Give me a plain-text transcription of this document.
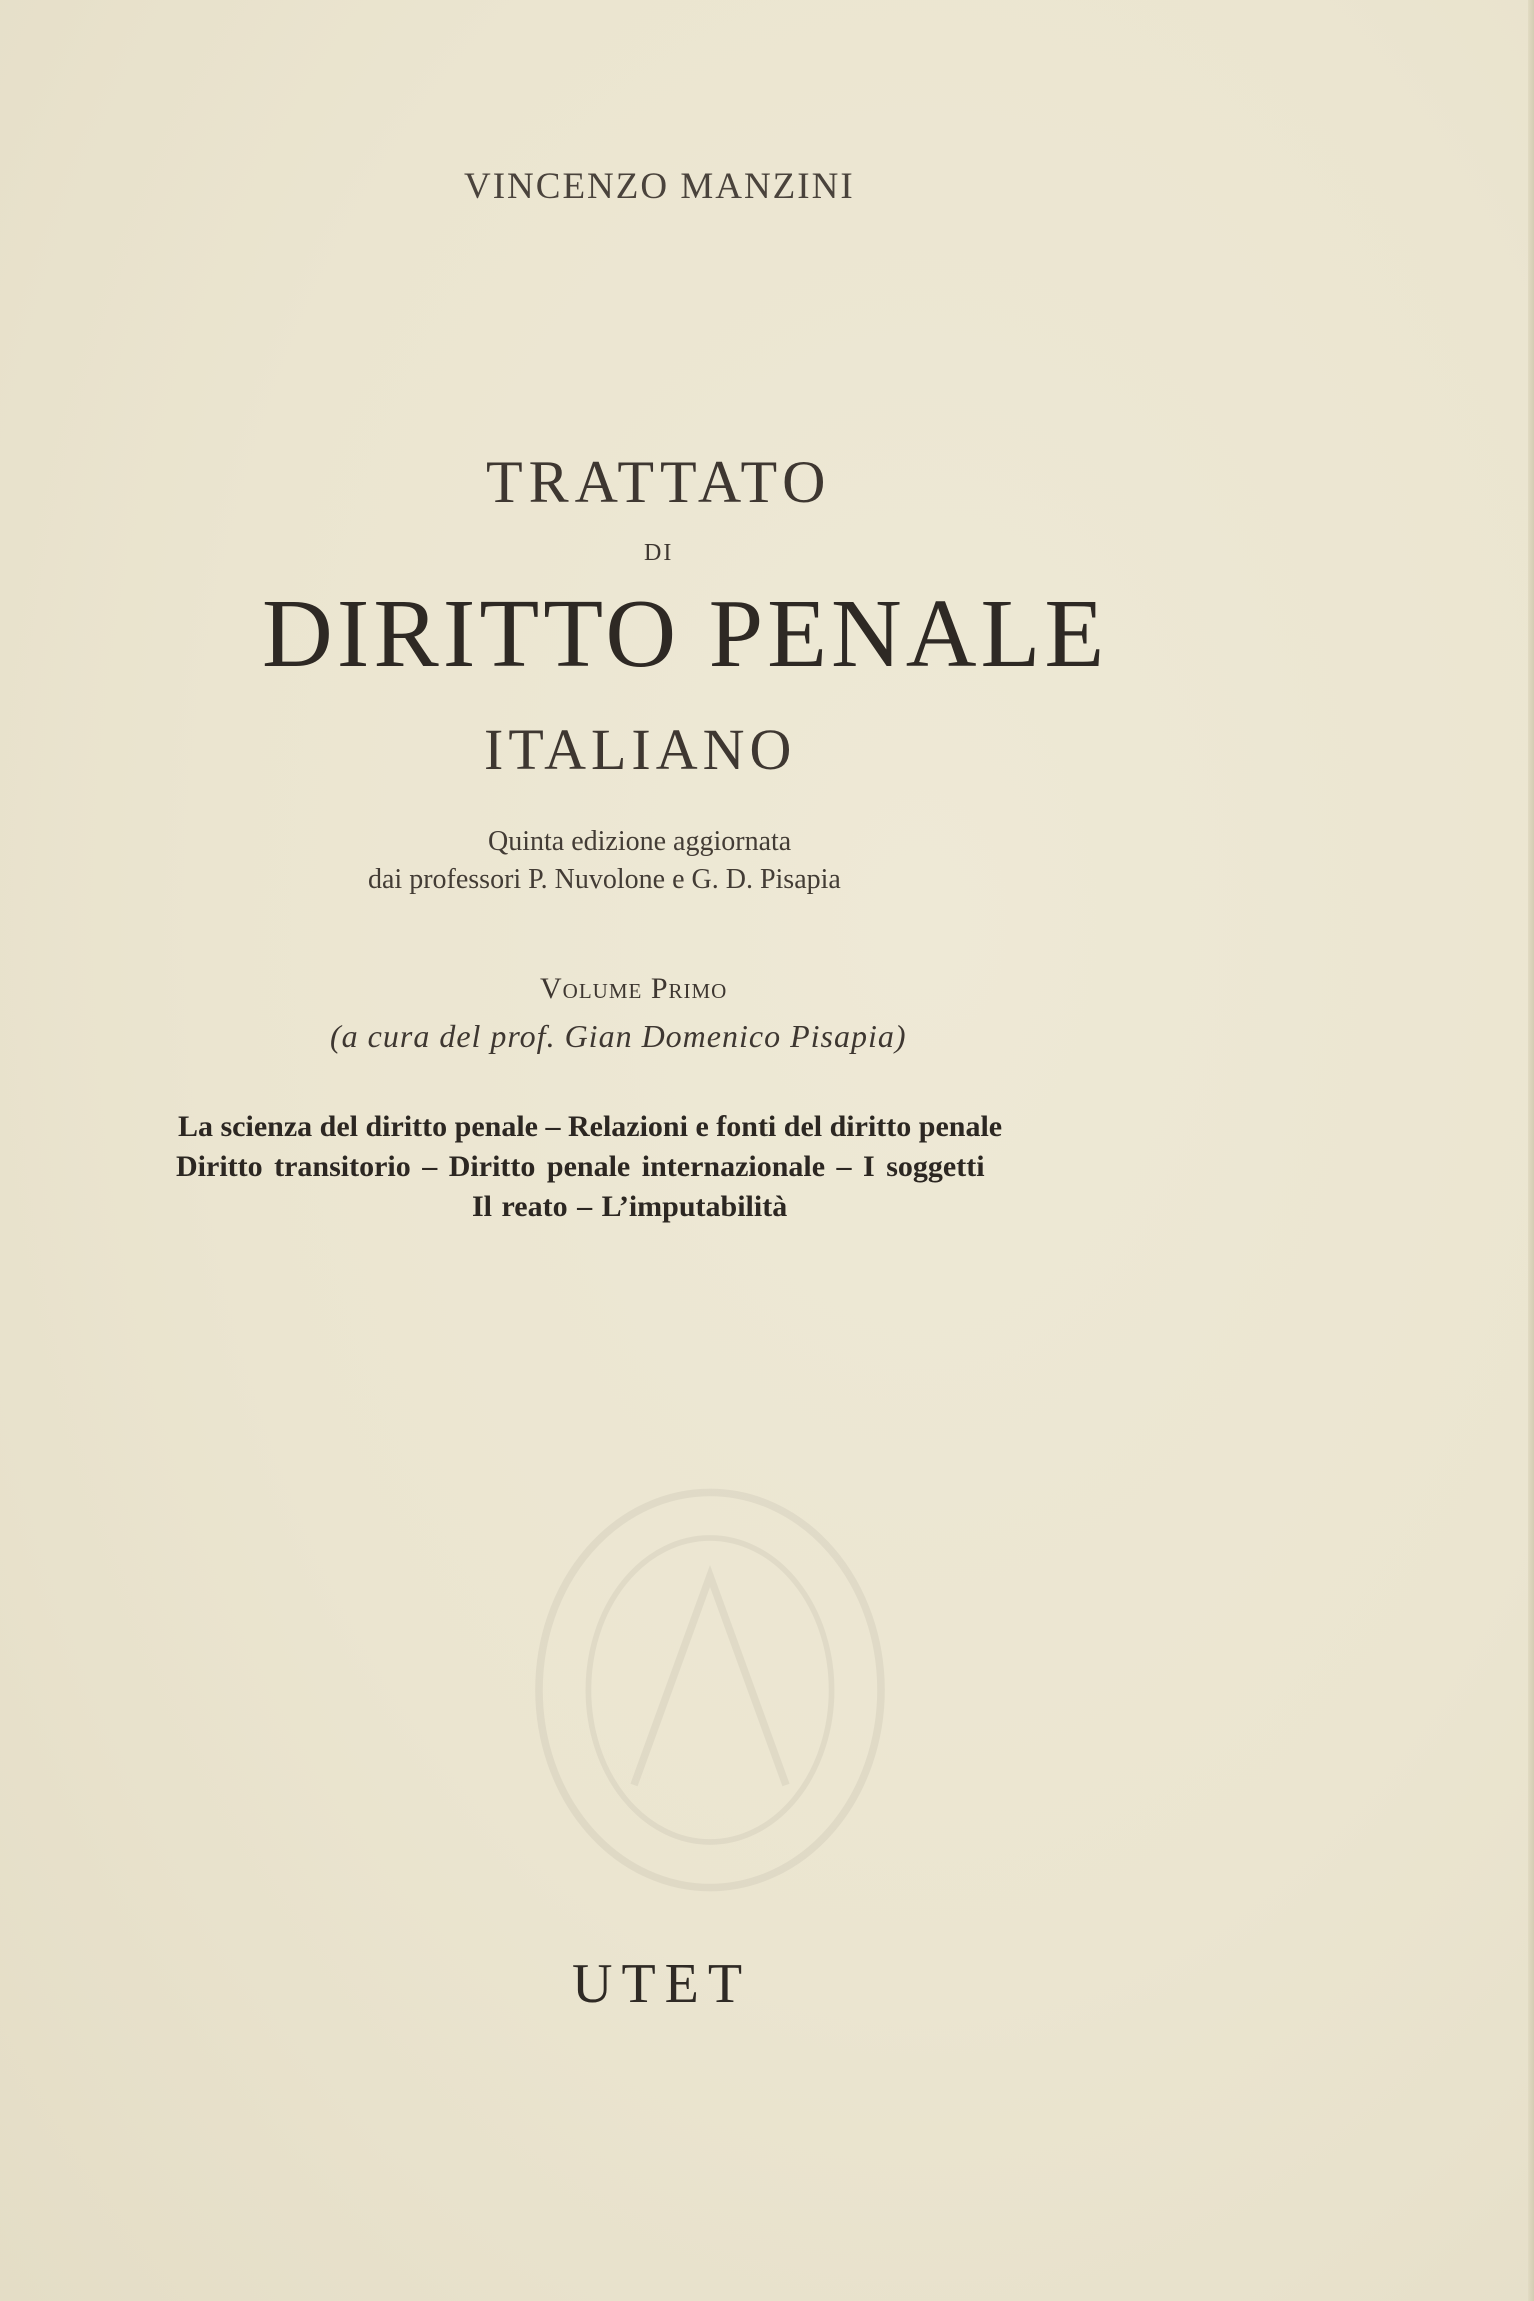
VINCENZO MANZINI

TRATTATO

DI

DIRITTO PENALE

ITALIANO

Quinta edizione aggiornata

dai professori P. Nuvolone e G. D. Pisapia

Volume Primo

(a cura del prof. Gian Domenico Pisapia)

La scienza del diritto penale – Relazioni e fonti del diritto penale

Diritto transitorio – Diritto penale internazionale – I soggetti

Il reato – L’imputabilità

UTET
